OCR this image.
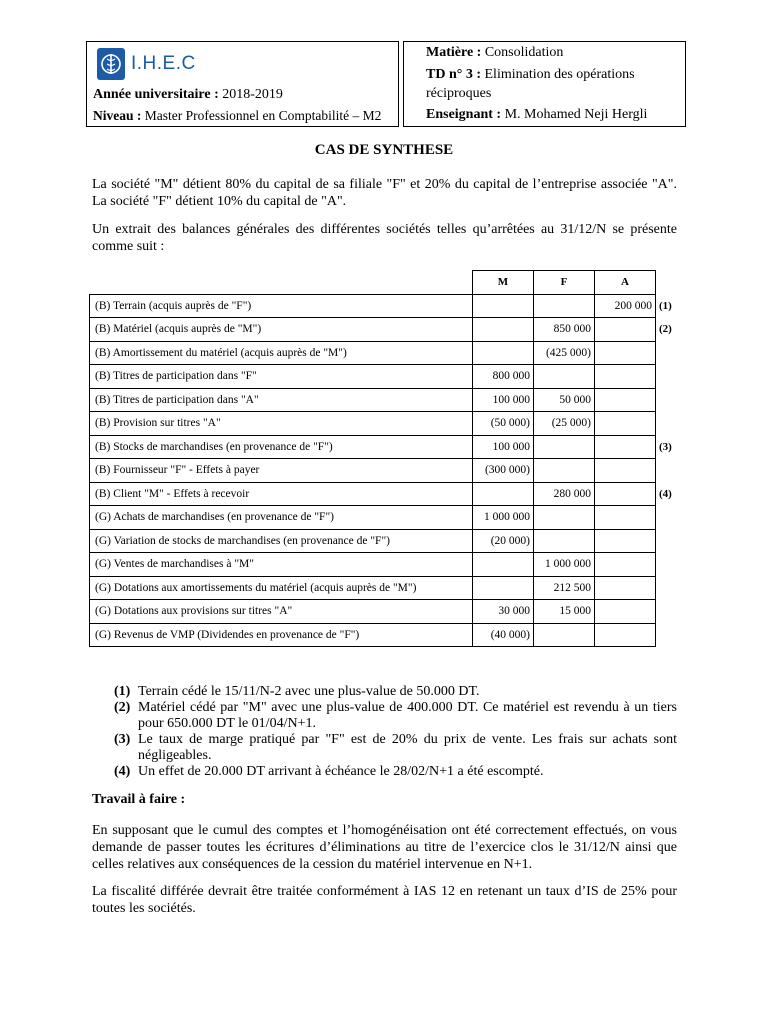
I.H.E.C
Année universitaire : 2018-2019
Niveau : Master Professionnel en Comptabilité – M2
Matière : Consolidation
TD n° 3 : Elimination des opérations réciproques
Enseignant : M. Mohamed Neji Hergli
CAS DE SYNTHESE
La société "M" détient 80% du capital de sa filiale "F" et 20% du capital de l’entreprise associée "A". La société "F" détient 10% du capital de "A".
Un extrait des balances générales des différentes sociétés telles qu’arrêtées au 31/12/N se présente comme suit :
	M	F	A	
(B) Terrain (acquis auprès de "F")			200 000	(1)
(B) Matériel (acquis auprès de "M")		850 000		(2)
(B) Amortissement du matériel (acquis auprès de "M")		(425 000)		
(B) Titres de participation dans "F"	800 000			
(B) Titres de participation dans "A"	100 000	50 000		
(B) Provision sur titres "A"	(50 000)	(25 000)		
(B) Stocks de marchandises (en provenance de "F")	100 000			(3)
(B) Fournisseur "F" - Effets à payer	(300 000)			
(B) Client "M" - Effets à recevoir		280 000		(4)
(G) Achats de marchandises (en provenance de "F")	1 000 000			
(G) Variation de stocks de marchandises (en provenance de "F")	(20 000)			
(G) Ventes de marchandises à "M"		1 000 000		
(G) Dotations aux amortissements du matériel (acquis auprès de "M")		212 500		
(G) Dotations aux provisions sur titres "A"	30 000	15 000		
(G) Revenus de VMP (Dividendes en provenance de "F")	(40 000)			
(1) Terrain cédé le 15/11/N-2 avec une plus-value de 50.000 DT.
(2) Matériel cédé par "M" avec une plus-value de 400.000 DT. Ce matériel est revendu à un tiers pour 650.000 DT le 01/04/N+1.
(3) Le taux de marge pratiqué par "F" est de 20% du prix de vente. Les frais sur achats sont négligeables.
(4) Un effet de 20.000 DT arrivant à échéance le 28/02/N+1 a été escompté.
Travail à faire :
En supposant que le cumul des comptes et l’homogénéisation ont été correctement effectués, on vous demande de passer toutes les écritures d’éliminations au titre de l’exercice clos le 31/12/N ainsi que celles relatives aux conséquences de la cession du matériel intervenue en N+1.
La fiscalité différée devrait être traitée conformément à IAS 12 en retenant un taux d’IS de 25% pour toutes les sociétés.
